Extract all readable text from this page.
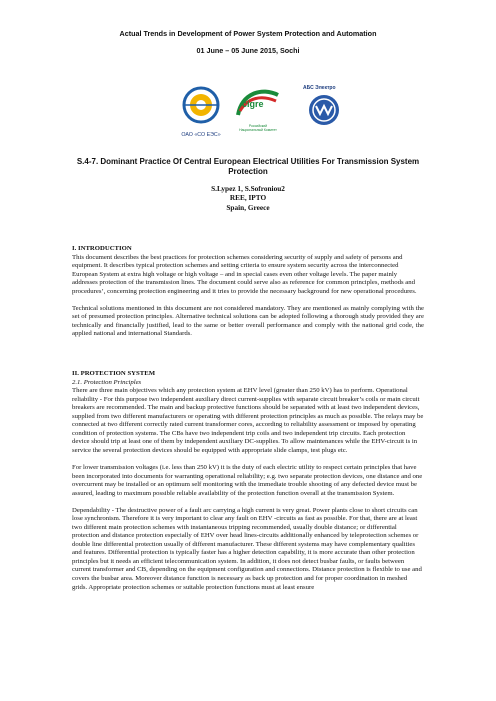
Actual Trends in Development of Power System Protection and Automation
01 June – 05 June 2015, Sochi
ОАО «СО ЕЭС»
cigre
Российский Национальный Комитет
АБС Электро
S.4-7. Dominant Practice Of Central European Electrical Utilities For Transmission System Protection
S.Lypez 1, S.Sofroniou2
REE, IPTO
Spain, Greece

I. INTRODUCTION

This document describes the best practices for protection schemes considering security of supply and safety of persons and equipment. It describes typical protection schemes and setting criteria to ensure system security across the interconnected European System at extra high voltage or high voltage – and in special cases even other voltage levels. The paper mainly addresses protection of the transmission lines. The document could serve also as reference for common principles, methods and procedures’, concerning protection engineering and it tries to provide the necessary background for new operational procedures.

Technical solutions mentioned in this document are not considered mandatory. They are mentioned as mainly complying with the set of presumed protection principles. Alternative technical solutions can be adopted following a thorough study provided they are technically and financially justified, lead to the same or better overall performance and comply with the national grid code, the applied national and international Standards.

II. PROTECTION SYSTEM

2.1. Protection Principles

There are three main objectives which any protection system at EHV level (greater than 250 kV) has to perform. Operational reliability - For this purpose two independent auxiliary direct current-supplies with separate circuit breaker’s coils or main circuit breakers are recommended. The main and backup protective functions should be separated with at least two independent devices, supplied from two different manufacturers or operating with different protection principles as much as possible. The relays may be connected at two different correctly rated current transformer cores, according to reliability assessment or imposed by operating condition of protection systems. The CBs have two independent trip coils and two independent trip circuits. Each protection device should trip at least one of them by independent auxiliary DC-supplies. To allow maintenances while the EHV-circuit is in service the several protection devices should be equipped with appropriate slide clamps, test plugs etc.

For lower transmission voltages (i.e. less than 250 kV) it is the duty of each electric utility to respect certain principles that have been incorporated into documents for warranting operational reliability; e.g. two separate protection devices, one distance and one overcurrent may be installed or an optimum self monitoring with the immediate trouble shooting of any defected device must be assured, leading to maximum possible reliable availability of the protection function overall at the transmission System.

Dependability - The destructive power of a fault arc carrying a high current is very great. Power plants close to short circuits can lose synchronism. Therefore it is very important to clear any fault on EHV -circuits as fast as possible. For that, there are at least two different main protection schemes with instantaneous tripping recommended, usually double distance; or differential protection and distance protection especially of EHV over head lines-circuits additionally enhanced by teleprotection schemes or double line differential protection usually of different manufacturer. These different systems may have complementary qualities and features. Differential protection is typically faster has a higher detection capability, it is more accurate than other protection principles but it needs an efficient telecommunication system. In addition, it does not detect busbar faults, or faults between current transformer and CB, depending on the equipment configuration and connections. Distance protection is flexible to use and covers the busbar area. Moreover distance function is necessary as back up protection and for proper coordination in meshed grids. Appropriate protection schemes or suitable protection functions must at least ensure
